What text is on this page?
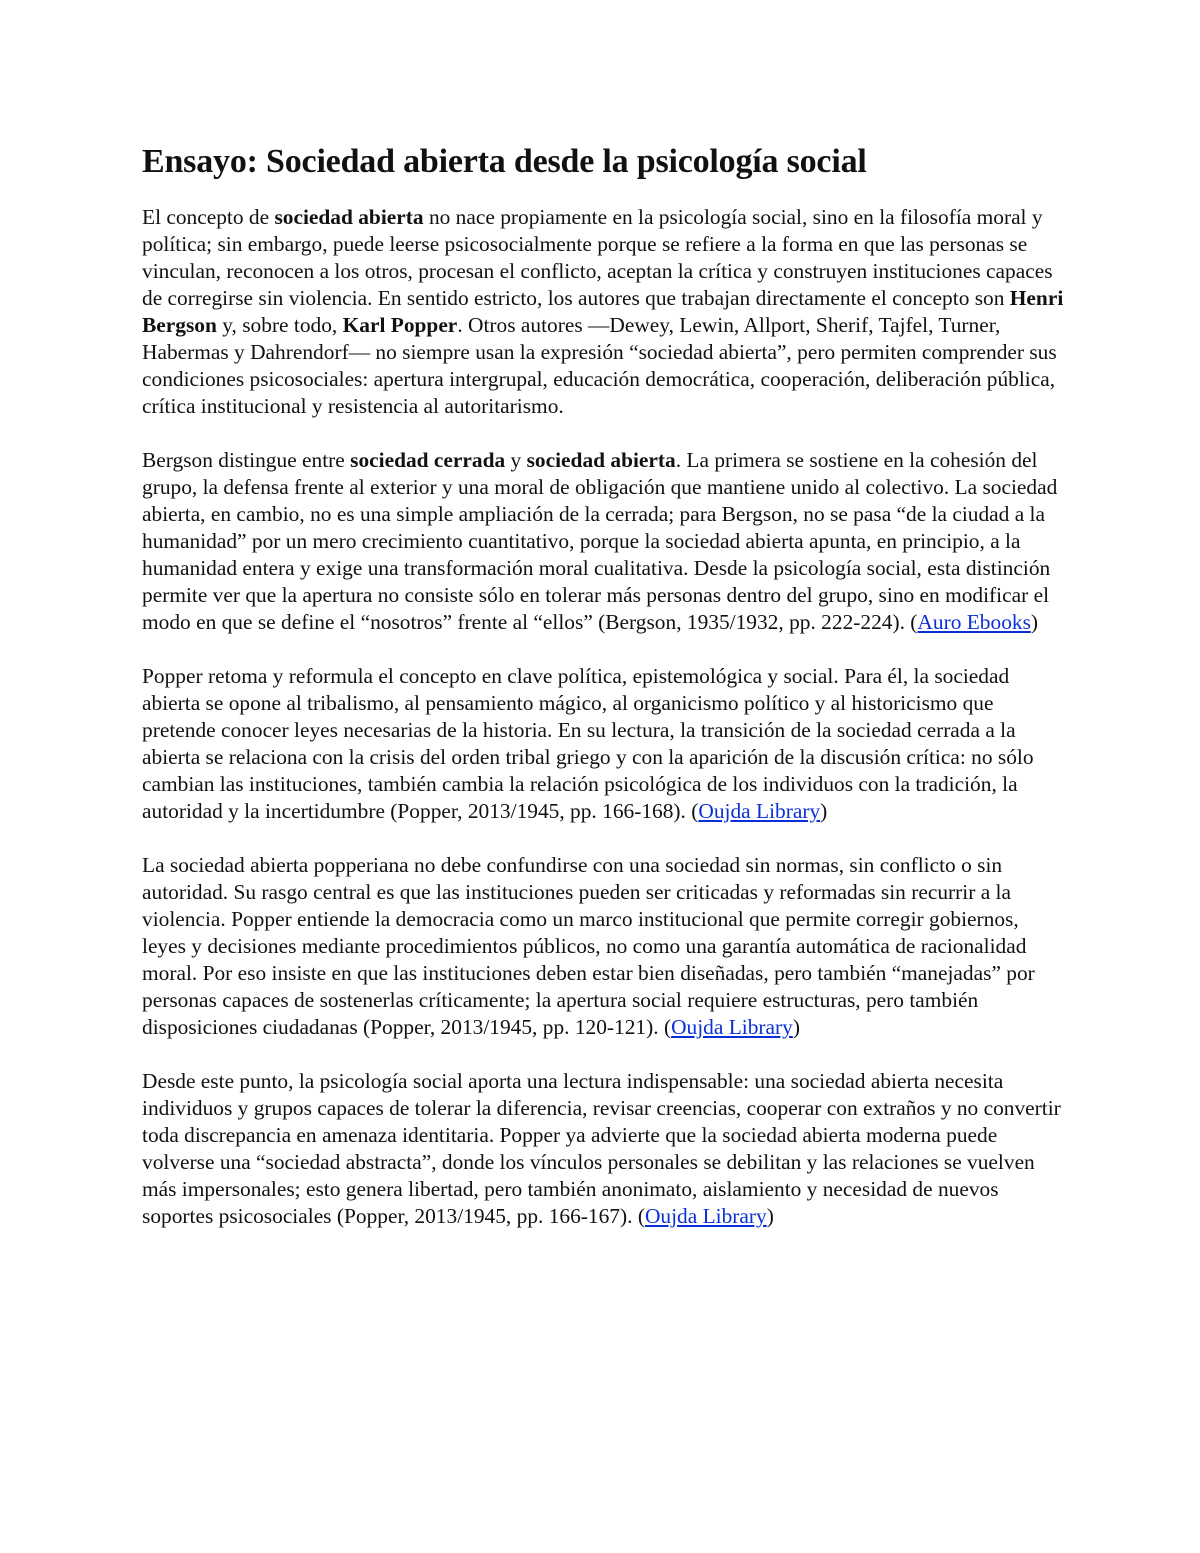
Ensayo: Sociedad abierta desde la psicología social

El concepto de sociedad abierta no nace propiamente en la psicología social, sino en la filosofía moral y política; sin embargo, puede leerse psicosocialmente porque se refiere a la forma en que las personas se vinculan, reconocen a los otros, procesan el conflicto, aceptan la crítica y construyen instituciones capaces de corregirse sin violencia. En sentido estricto, los autores que trabajan directamente el concepto son Henri Bergson y, sobre todo, Karl Popper. Otros autores —Dewey, Lewin, Allport, Sherif, Tajfel, Turner, Habermas y Dahrendorf— no siempre usan la expresión “sociedad abierta”, pero permiten comprender sus condiciones psicosociales: apertura intergrupal, educación democrática, cooperación, deliberación pública, crítica institucional y resistencia al autoritarismo.

Bergson distingue entre sociedad cerrada y sociedad abierta. La primera se sostiene en la cohesión del grupo, la defensa frente al exterior y una moral de obligación que mantiene unido al colectivo. La sociedad abierta, en cambio, no es una simple ampliación de la cerrada; para Bergson, no se pasa “de la ciudad a la humanidad” por un mero crecimiento cuantitativo, porque la sociedad abierta apunta, en principio, a la humanidad entera y exige una transformación moral cualitativa. Desde la psicología social, esta distinción permite ver que la apertura no consiste sólo en tolerar más personas dentro del grupo, sino en modificar el modo en que se define el “nosotros” frente al “ellos” (Bergson, 1935/1932, pp. 222-224). (Auro Ebooks)

Popper retoma y reformula el concepto en clave política, epistemológica y social. Para él, la sociedad abierta se opone al tribalismo, al pensamiento mágico, al organicismo político y al historicismo que pretende conocer leyes necesarias de la historia. En su lectura, la transición de la sociedad cerrada a la abierta se relaciona con la crisis del orden tribal griego y con la aparición de la discusión crítica: no sólo cambian las instituciones, también cambia la relación psicológica de los individuos con la tradición, la autoridad y la incertidumbre (Popper, 2013/1945, pp. 166-168). (Oujda Library)

La sociedad abierta popperiana no debe confundirse con una sociedad sin normas, sin conflicto o sin autoridad. Su rasgo central es que las instituciones pueden ser criticadas y reformadas sin recurrir a la violencia. Popper entiende la democracia como un marco institucional que permite corregir gobiernos, leyes y decisiones mediante procedimientos públicos, no como una garantía automática de racionalidad moral. Por eso insiste en que las instituciones deben estar bien diseñadas, pero también “manejadas” por personas capaces de sostenerlas críticamente; la apertura social requiere estructuras, pero también disposiciones ciudadanas (Popper, 2013/1945, pp. 120-121). (Oujda Library)

Desde este punto, la psicología social aporta una lectura indispensable: una sociedad abierta necesita individuos y grupos capaces de tolerar la diferencia, revisar creencias, cooperar con extraños y no convertir toda discrepancia en amenaza identitaria. Popper ya advierte que la sociedad abierta moderna puede volverse una “sociedad abstracta”, donde los vínculos personales se debilitan y las relaciones se vuelven más impersonales; esto genera libertad, pero también anonimato, aislamiento y necesidad de nuevos soportes psicosociales (Popper, 2013/1945, pp. 166-167). (Oujda Library)
